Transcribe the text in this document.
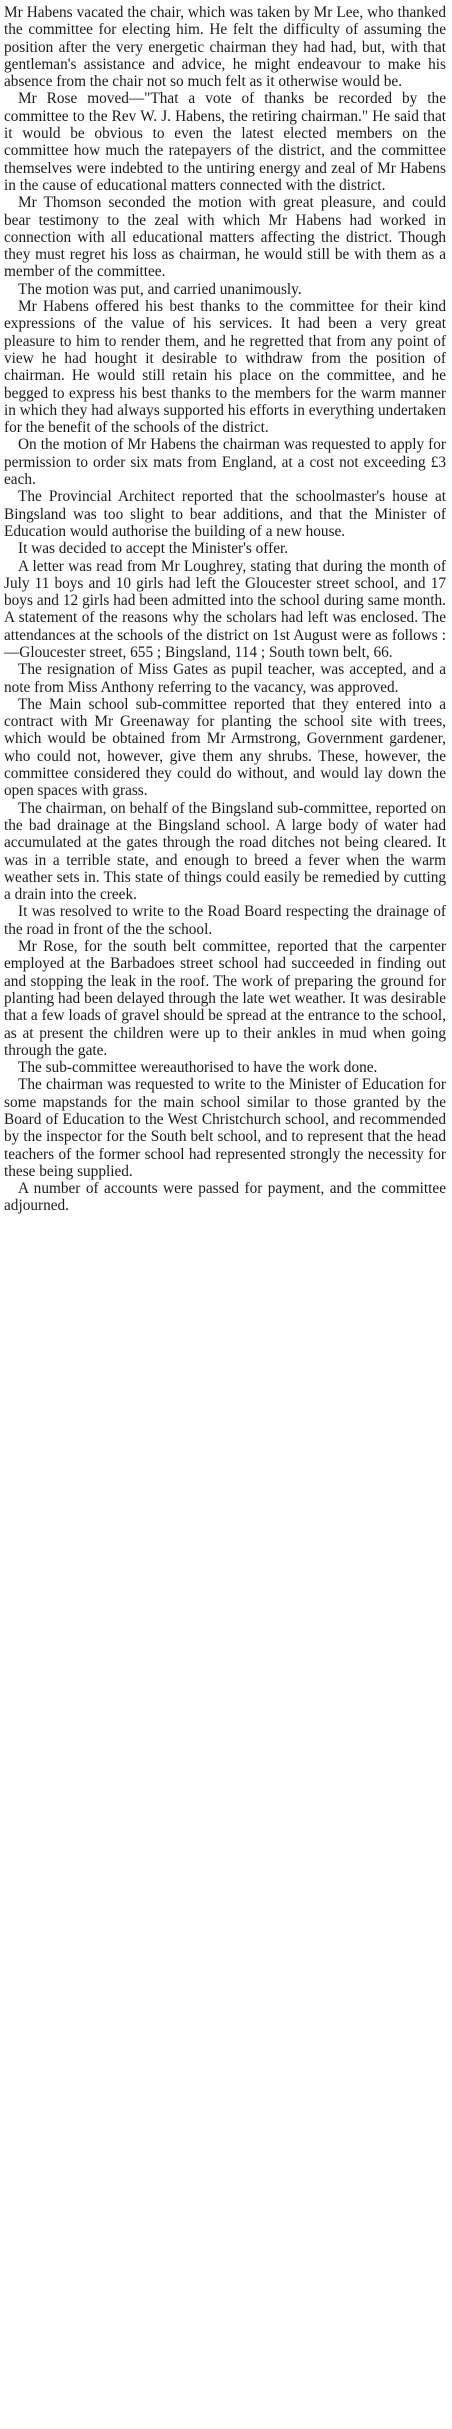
Mr Habens vacated the chair, which was taken by Mr Lee, who thanked the committee for electing him. He felt the difficulty of assuming the position after the very energetic chairman they had had, but, with that gentleman's assistance and advice, he might endeavour to make his absence from the chair not so much felt as it otherwise would be.

Mr Rose moved—"That a vote of thanks be recorded by the committee to the Rev W. J. Habens, the retiring chairman." He said that it would be obvious to even the latest elected members on the committee how much the ratepayers of the district, and the committee themselves were indebted to the untiring energy and zeal of Mr Habens in the cause of educational matters connected with the district.

Mr Thomson seconded the motion with great pleasure, and could bear testimony to the zeal with which Mr Habens had worked in connection with all educational matters affecting the district. Though they must regret his loss as chairman, he would still be with them as a member of the committee.

The motion was put, and carried unanimously.

Mr Habens offered his best thanks to the committee for their kind expressions of the value of his services. It had been a very great pleasure to him to render them, and he regretted that from any point of view he had hought it desirable to withdraw from the position of chairman. He would still retain his place on the committee, and he begged to express his best thanks to the members for the warm manner in which they had always supported his efforts in everything undertaken for the benefit of the schools of the district.

On the motion of Mr Habens the chairman was requested to apply for permission to order six mats from England, at a cost not exceeding £3 each.

The Provincial Architect reported that the schoolmaster's house at Bingsland was too slight to bear additions, and that the Minister of Education would authorise the building of a new house.

It was decided to accept the Minister's offer.

A letter was read from Mr Loughrey, stating that during the month of July 11 boys and 10 girls had left the Gloucester street school, and 17 boys and 12 girls had been admitted into the school during same month. A statement of the reasons why the scholars had left was enclosed. The attendances at the schools of the district on 1st August were as follows :—Gloucester street, 655 ; Bingsland, 114 ; South town belt, 66.

The resignation of Miss Gates as pupil teacher, was accepted, and a note from Miss Anthony referring to the vacancy, was approved.

The Main school sub-committee reported that they entered into a contract with Mr Greenaway for planting the school site with trees, which would be obtained from Mr Armstrong, Government gardener, who could not, however, give them any shrubs. These, however, the committee considered they could do without, and would lay down the open spaces with grass.

The chairman, on behalf of the Bingsland sub-committee, reported on the bad drainage at the Bingsland school. A large body of water had accumulated at the gates through the road ditches not being cleared. It was in a terrible state, and enough to breed a fever when the warm weather sets in. This state of things could easily be remedied by cutting a drain into the creek.

It was resolved to write to the Road Board respecting the drainage of the road in front of the the school.

Mr Rose, for the south belt committee, reported that the carpenter employed at the Barbadoes street school had succeeded in finding out and stopping the leak in the roof. The work of preparing the ground for planting had been delayed through the late wet weather. It was desirable that a few loads of gravel should be spread at the entrance to the school, as at present the children were up to their ankles in mud when going through the gate.

The sub-committee wereauthorised to have the work done.

The chairman was requested to write to the Minister of Education for some mapstands for the main school similar to those granted by the Board of Education to the West Christchurch school, and recommended by the inspector for the South belt school, and to represent that the head teachers of the former school had represented strongly the necessity for these being supplied.

A number of accounts were passed for payment, and the committee adjourned.
